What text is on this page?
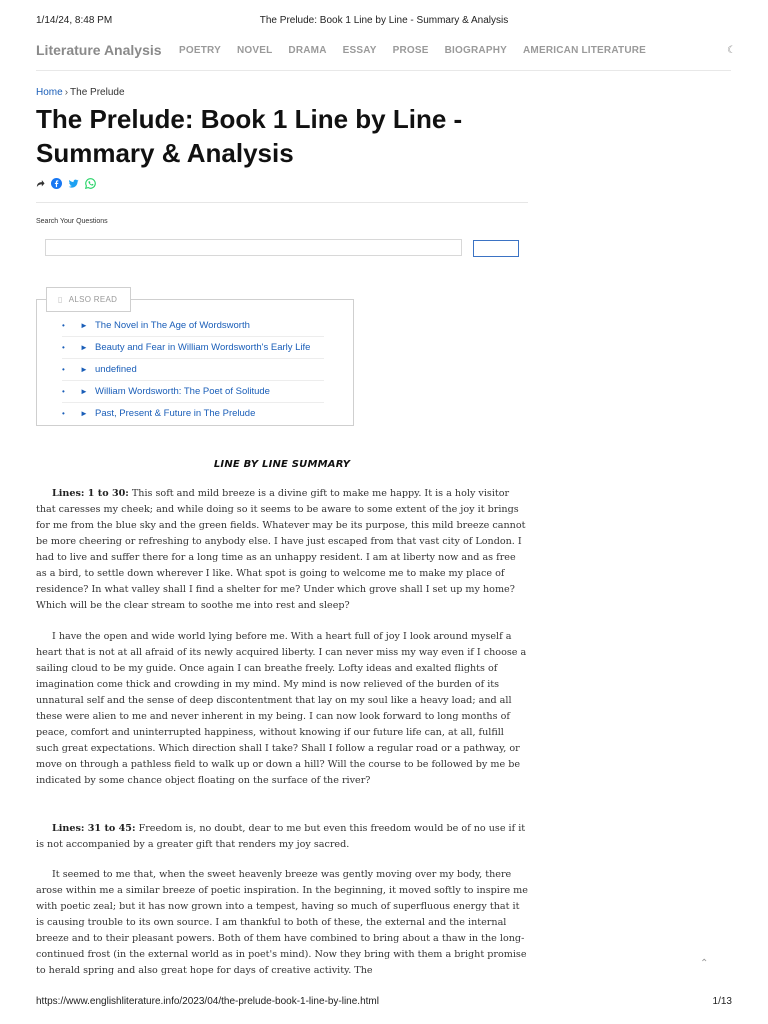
1/14/24, 8:48 PM	The Prelude: Book 1 Line by Line - Summary & Analysis
Literature Analysis POETRY NOVEL DRAMA ESSAY PROSE BIOGRAPHY AMERICAN LITERATURE	☾
Home › The Prelude
The Prelude: Book 1 Line by Line - Summary & Analysis
Search Your Questions
▯ ALSO READ
•	► The Novel in The Age of Wordsworth
•	► Beauty and Fear in William Wordsworth's Early Life
•	► undefined
•	► William Wordsworth: The Poet of Solitude
•	► Past, Present & Future in The Prelude
LINE BY LINE SUMMARY

Lines: 1 to 30: This soft and mild breeze is a divine gift to make me happy. It is a holy visitor that caresses my cheek; and while doing so it seems to be aware to some extent of the joy it brings for me from the blue sky and the green fields. Whatever may be its purpose, this mild breeze cannot be more cheering or refreshing to anybody else. I have just escaped from that vast city of London. I had to live and suffer there for a long time as an unhappy resident. I am at liberty now and as free as a bird, to settle down wherever I like. What spot is going to welcome me to make my place of residence? In what valley shall I find a shelter for me? Under which grove shall I set up my home? Which will be the clear stream to soothe me into rest and sleep?

I have the open and wide world lying before me. With a heart full of joy I look around myself a heart that is not at all afraid of its newly acquired liberty. I can never miss my way even if I choose a sailing cloud to be my guide. Once again I can breathe freely. Lofty ideas and exalted flights of imagination come thick and crowding in my mind. My mind is now relieved of the burden of its unnatural self and the sense of deep discontentment that lay on my soul like a heavy load; and all these were alien to me and never inherent in my being. I can now look forward to long months of peace, comfort and uninterrupted happiness, without knowing if our future life can, at all, fulfill such great expectations. Which direction shall I take? Shall I follow a regular road or a pathway, or move on through a pathless field to walk up or down a hill? Will the course to be followed by me be indicated by some chance object floating on the surface of the river?

Lines: 31 to 45: Freedom is, no doubt, dear to me but even this freedom would be of no use if it is not accompanied by a greater gift that renders my joy sacred.

It seemed to me that, when the sweet heavenly breeze was gently moving over my body, there arose within me a similar breeze of poetic inspiration. In the beginning, it moved softly to inspire me with poetic zeal; but it has now grown into a tempest, having so much of superfluous energy that it is causing trouble to its own source. I am thankful to both of these, the external and the internal breeze and to their pleasant powers. Both of them have combined to bring about a thaw in the long-continued frost (in the external world as in poet's mind). Now they bring with them a bright promise to herald spring and also great hope for days of creative activity. The

⌃
https://www.englishliterature.info/2023/04/the-prelude-book-1-line-by-line.html	1/13
